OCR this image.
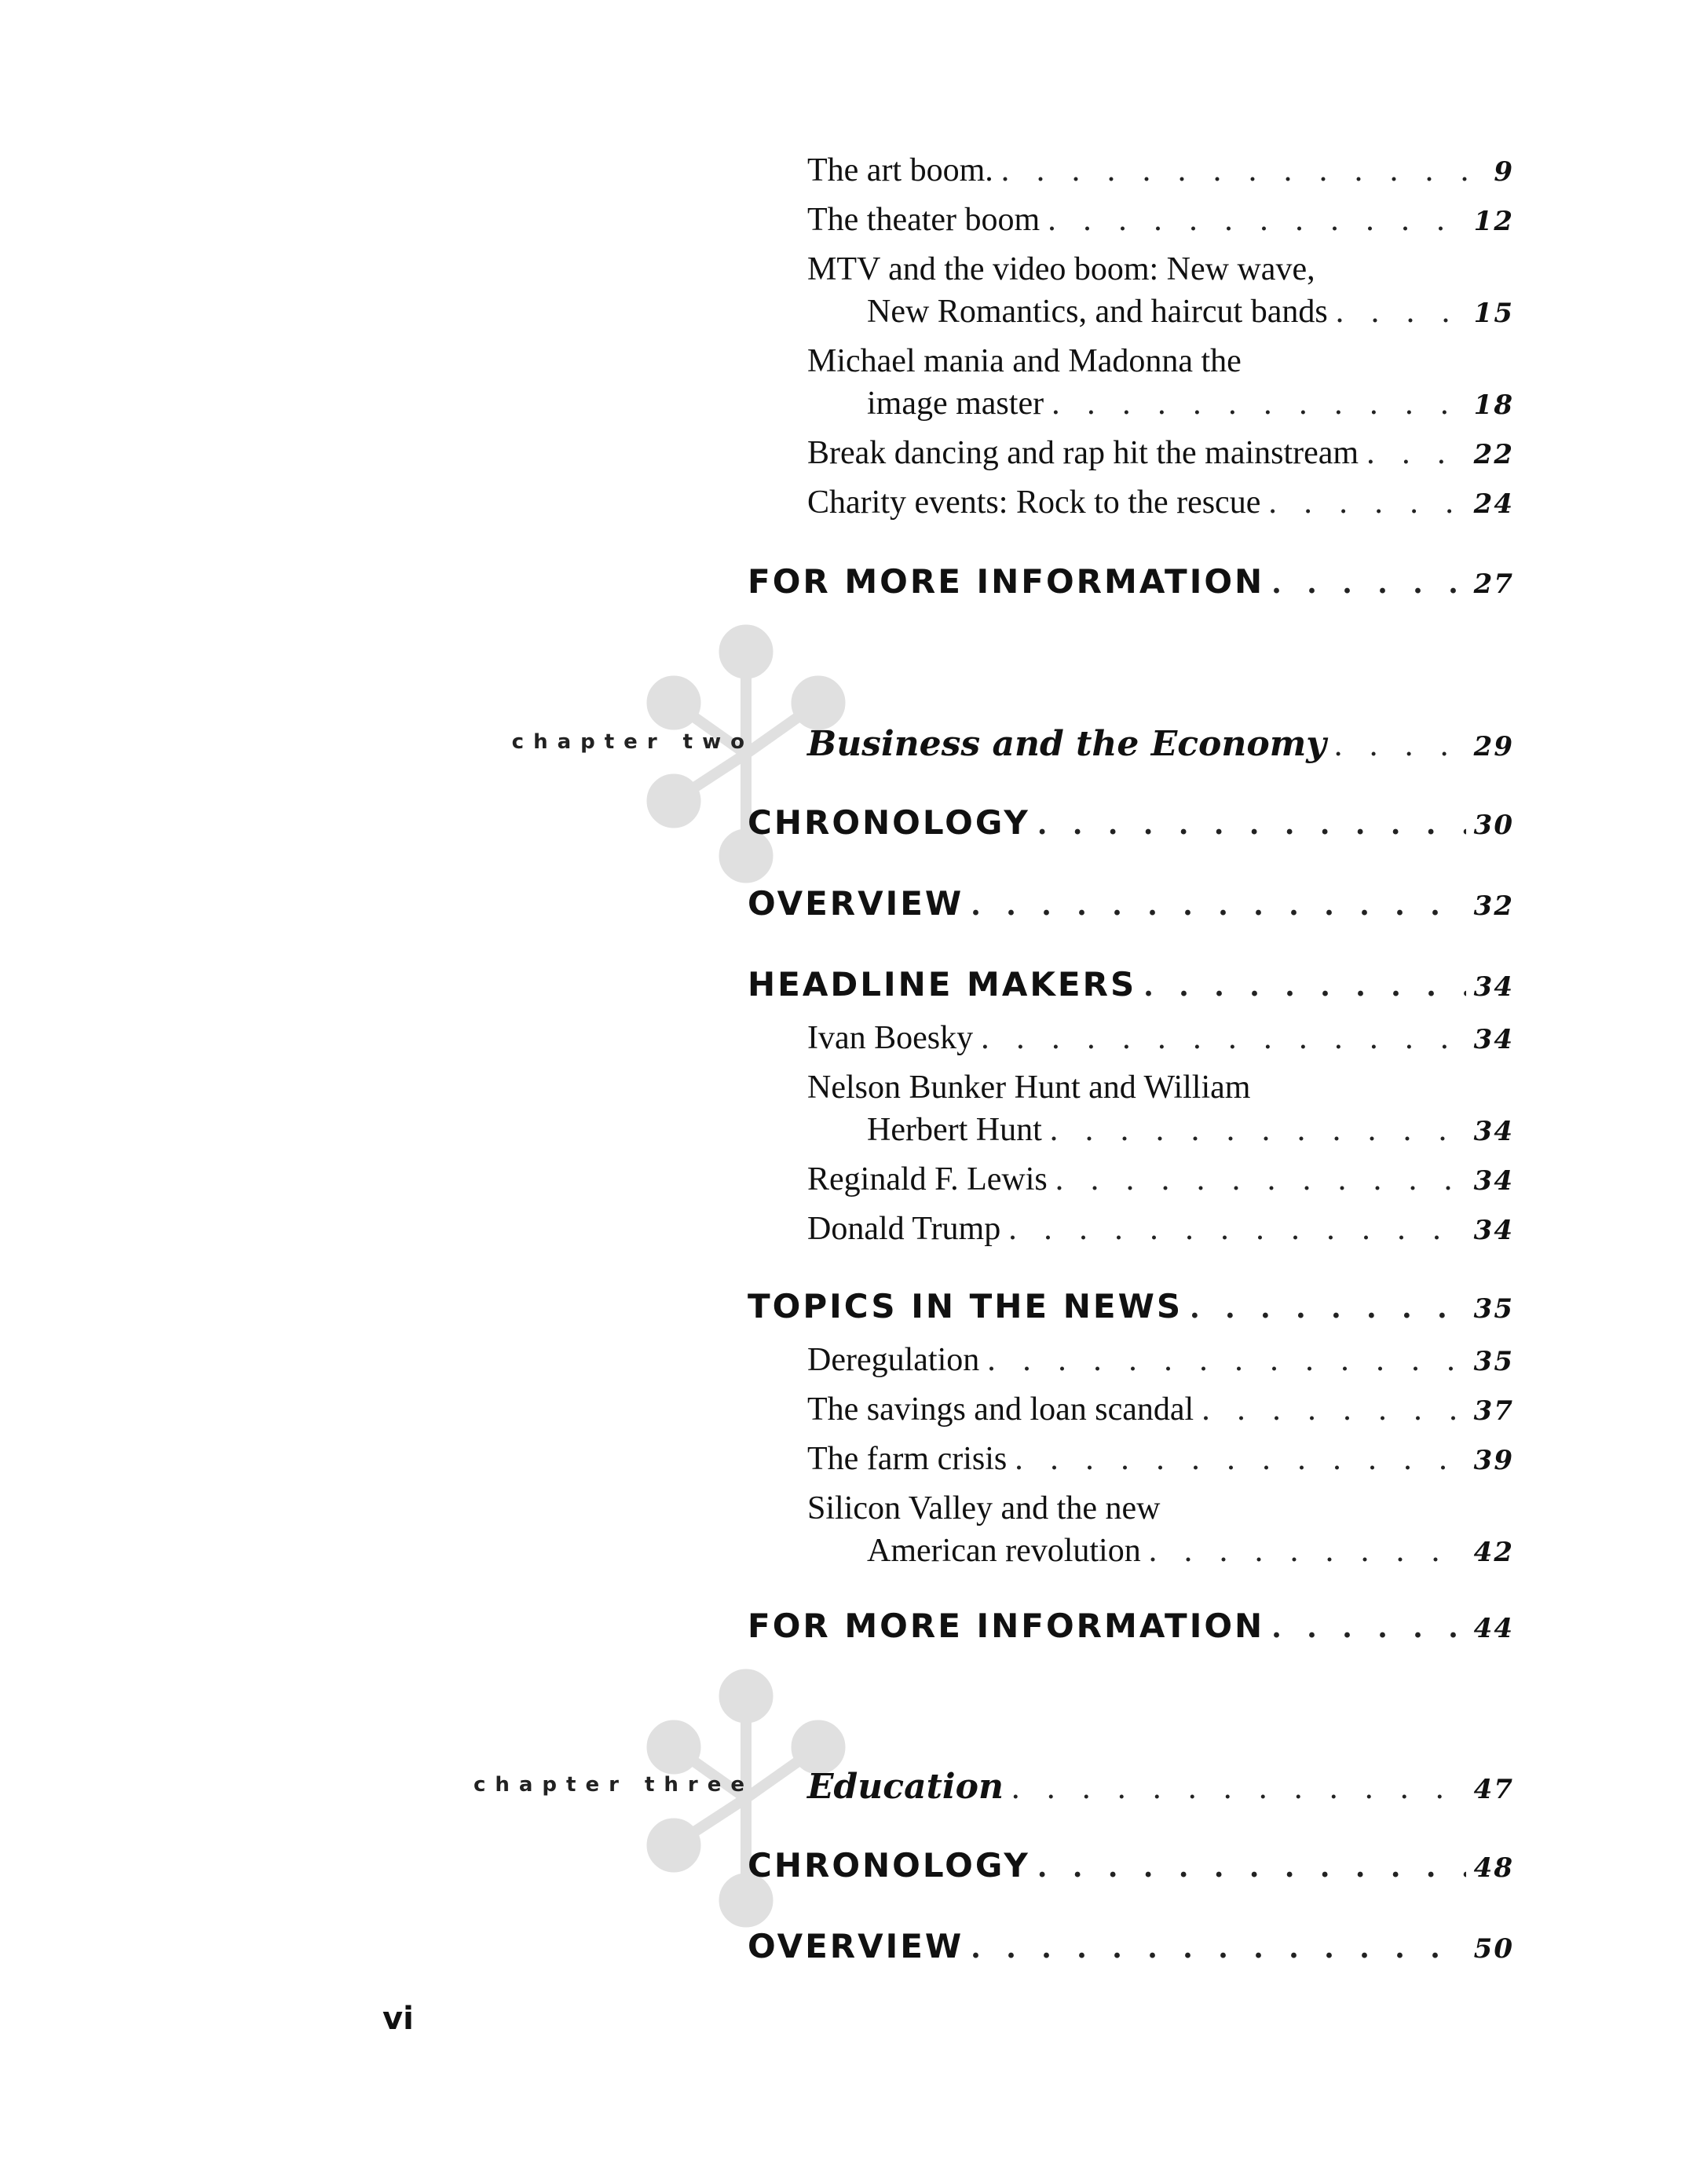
The art boom. . . .	9
The theater boom . . .	12
MTV and the video boom: New wave,
New Romantics, and haircut bands . . .	15
Michael mania and Madonna the
image master . . .	18
Break dancing and rap hit the mainstream . . .	22
Charity events: Rock to the rescue . . .	24
FOR MORE INFORMATION . . .	27
chapter two Business and the Economy . . .	29
CHRONOLOGY . . .	30
OVERVIEW . . .	32
HEADLINE MAKERS . . .	34
Ivan Boesky . . .	34
Nelson Bunker Hunt and William
Herbert Hunt . . .	34
Reginald F. Lewis . . .	34
Donald Trump . . .	34
TOPICS IN THE NEWS . . .	35
Deregulation . . .	35
The savings and loan scandal . . .	37
The farm crisis . . .	39
Silicon Valley and the new
American revolution . . .	42
FOR MORE INFORMATION . . .	44
chapter three Education . . .	47
CHRONOLOGY . . .	48
OVERVIEW . . .	50
vi
